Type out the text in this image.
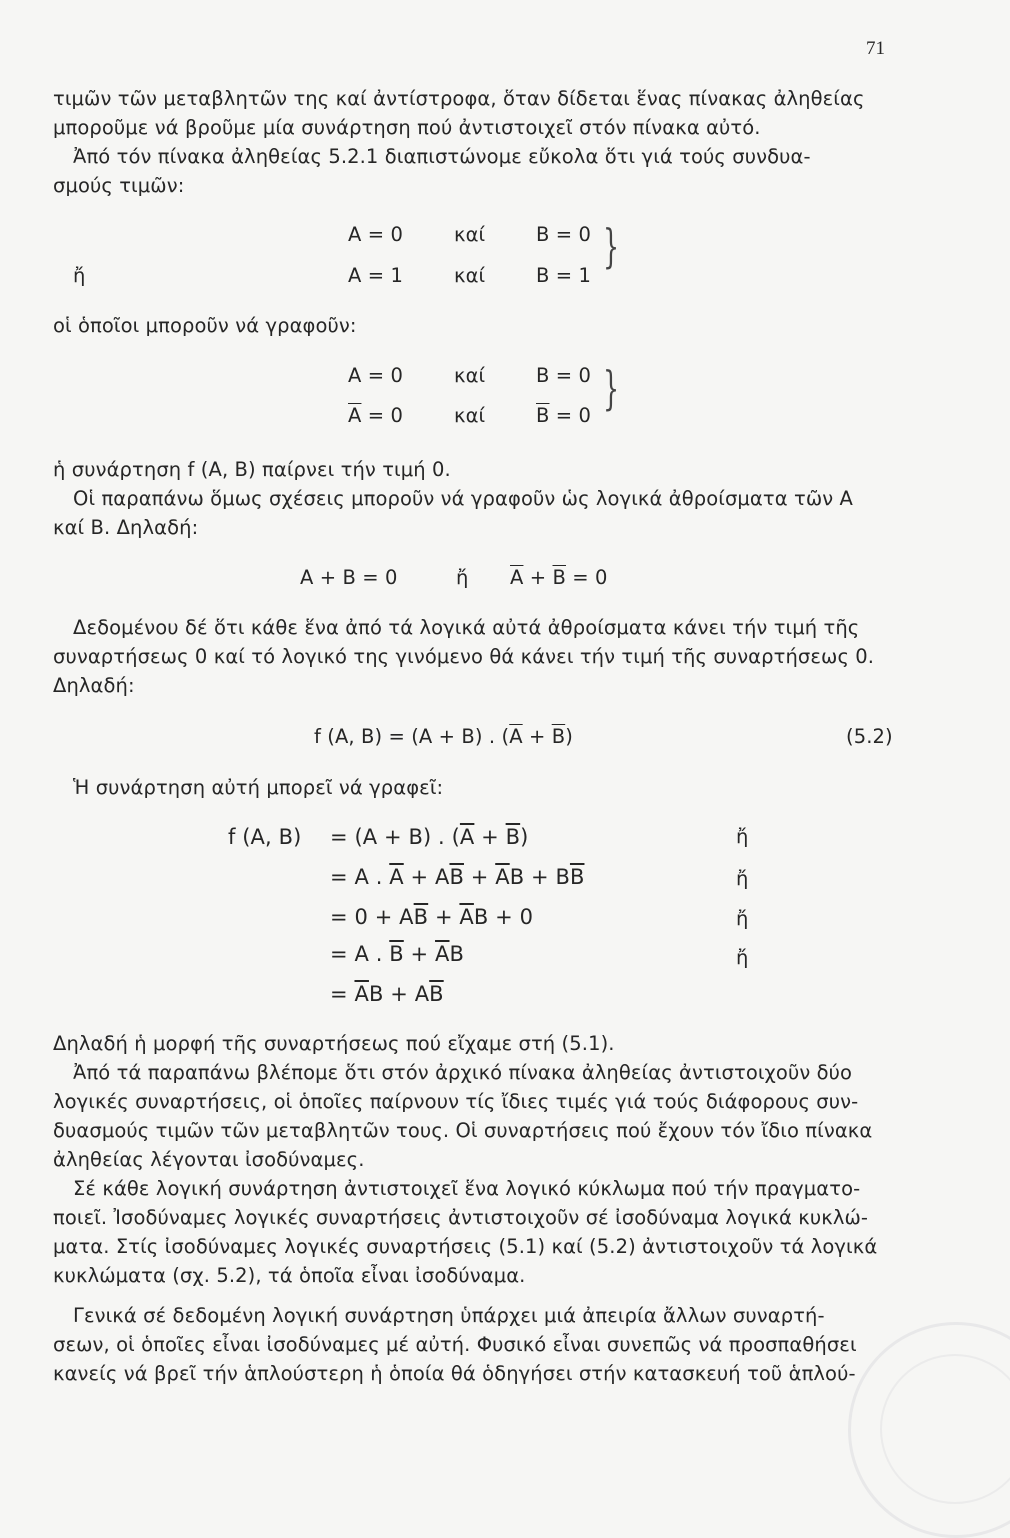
71
τιμῶν τῶν μεταβλητῶν της καί ἀντίστροφα, ὅταν δίδεται ἕνας πίνακας ἀληθείας
μποροῦμε νά βροῦμε μία συνάρτηση πού ἀντιστοιχεῖ στόν πίνακα αὐτό.
Ἀπό τόν πίνακα ἀληθείας 5.2.1 διαπιστώνομε εὔκολα ὅτι γιά τούς συνδυα-
σμούς τιμῶν:
A = 0	καί	B = 0
ἤ	A = 1	καί	B = 1
}
οἱ ὁποῖοι μποροῦν νά γραφοῦν:
A = 0	καί	B = 0
$\overline{A} = 0$	καί	$\overline{B} = 0$
}
ἡ συνάρτηση f (A, B) παίρνει τήν τιμή 0.
Οἱ παραπάνω ὅμως σχέσεις μποροῦν νά γραφοῦν ὡς λογικά ἀθροίσματα τῶν A
καί B. Δηλαδή:
A + B = 0	ἤ $\overline{A} + \overline{B} = 0$
Δεδομένου δέ ὅτι κάθε ἕνα ἀπό τά λογικά αὐτά ἀθροίσματα κάνει τήν τιμή τῆς
συναρτήσεως 0 καί τό λογικό της γινόμενο θά κάνει τήν τιμή τῆς συναρτήσεως 0.
Δηλαδή:
f (A, B) = (A + B) . $(\overline{A} + \overline{B})$	(5.2)
Ἡ συνάρτηση αὐτή μπορεῖ νά γραφεῖ:
f (A, B) = (A + B) . $(\overline{A} + \overline{B})$	ἤ
= A . $\overline{A} + A\overline{B} + \overline{A}B + B\overline{B}$	ἤ
= $0 + A\overline{B} + \overline{A}B + 0$	ἤ
= A . $\overline{B} + \overline{A}B$	ἤ
= $\overline{A}B + A\overline{B}$
Δηλαδή ἡ μορφή τῆς συναρτήσεως πού εἴχαμε στή (5.1).
Ἀπό τά παραπάνω βλέπομε ὅτι στόν ἀρχικό πίνακα ἀληθείας ἀντιστοιχοῦν δύο
λογικές συναρτήσεις, οἱ ὁποῖες παίρνουν τίς ἴδιες τιμές γιά τούς διάφορους συν-
δυασμούς τιμῶν τῶν μεταβλητῶν τους. Οἱ συναρτήσεις πού ἔχουν τόν ἴδιο πίνακα
ἀληθείας λέγονται ἰσοδύναμες.
Σέ κάθε λογική συνάρτηση ἀντιστοιχεῖ ἕνα λογικό κύκλωμα πού τήν πραγματο-
ποιεῖ. Ἰσοδύναμες λογικές συναρτήσεις ἀντιστοιχοῦν σέ ἰσοδύναμα λογικά κυκλώ-
ματα. Στίς ἰσοδύναμες λογικές συναρτήσεις (5.1) καί (5.2) ἀντιστοιχοῦν τά λογικά
κυκλώματα (σχ. 5.2), τά ὁποῖα εἶναι ἰσοδύναμα.
Γενικά σέ δεδομένη λογική συνάρτηση ὑπάρχει μιά ἀπειρία ἄλλων συναρτή-
σεων, οἱ ὁποῖες εἶναι ἰσοδύναμες μέ αὐτή. Φυσικό εἶναι συνεπῶς νά προσπαθήσει
κανείς νά βρεῖ τήν ἁπλούστερη ἡ ὁποία θά ὁδηγήσει στήν κατασκευή τοῦ ἁπλού-
